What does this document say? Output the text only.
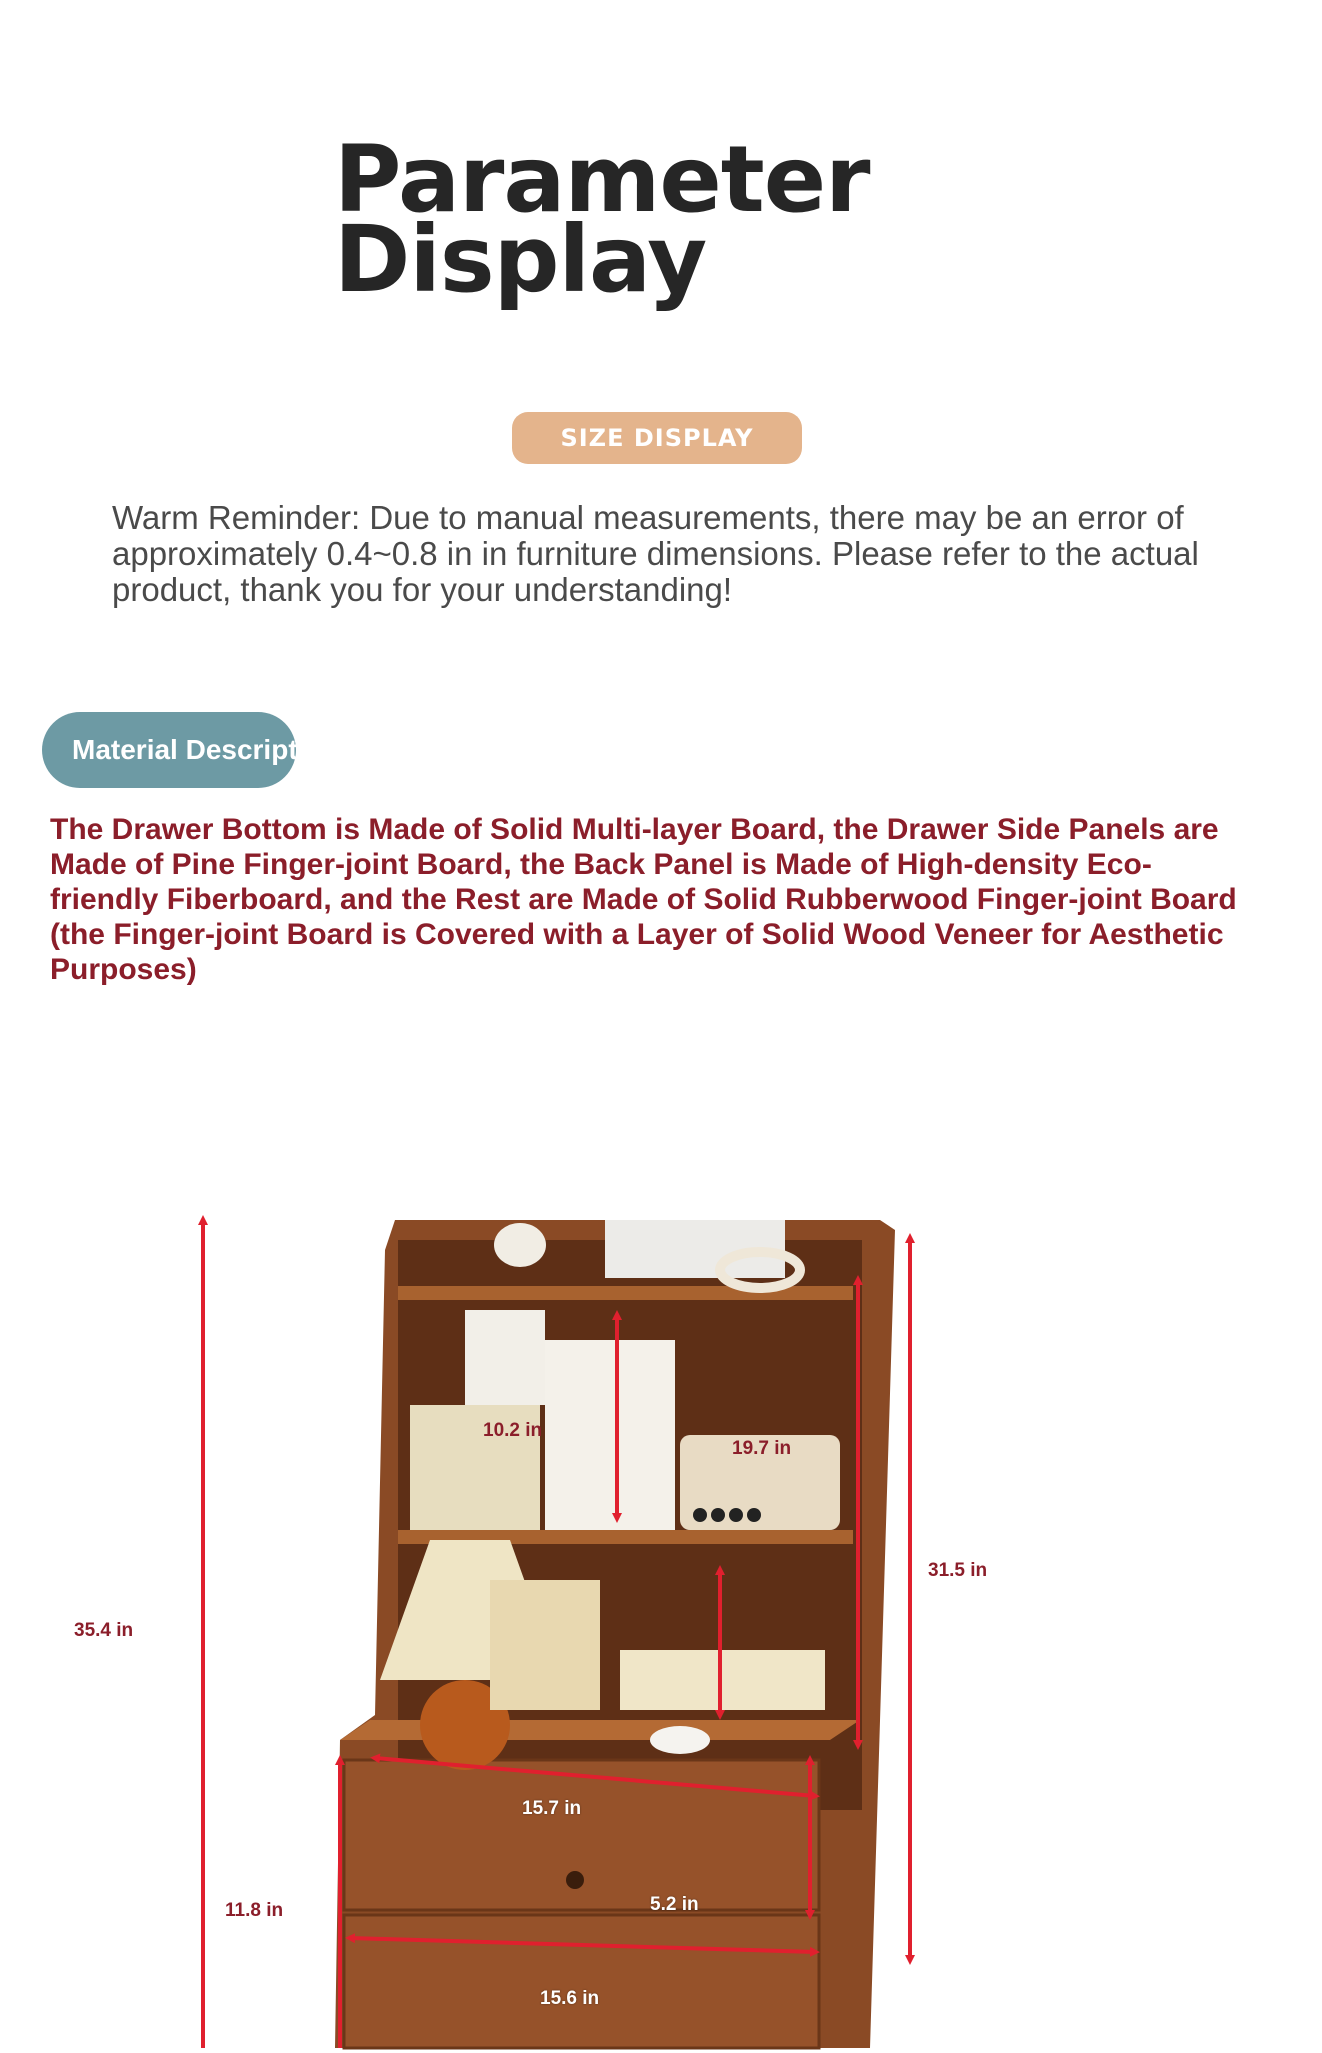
Parameter Display
SIZE DISPLAY

Warm Reminder: Due to manual measurements, there may be an error of approximately 0.4~0.8 in in furniture dimensions. Please refer to the actual product, thank you for your understanding!

Material Description:

The Drawer Bottom is Made of Solid Multi-layer Board, the Drawer Side Panels are Made of Pine Finger-joint Board, the Back Panel is Made of High-density Eco-friendly Fiberboard, and the Rest are Made of Solid Rubberwood Finger-joint Board (the Finger-joint Board is Covered with a Layer of Solid Wood Veneer for Aesthetic Purposes)

35.4 in
31.5 in
10.2 in
19.7 in
11.8 in
15.7 in
5.2 in
15.6 in
